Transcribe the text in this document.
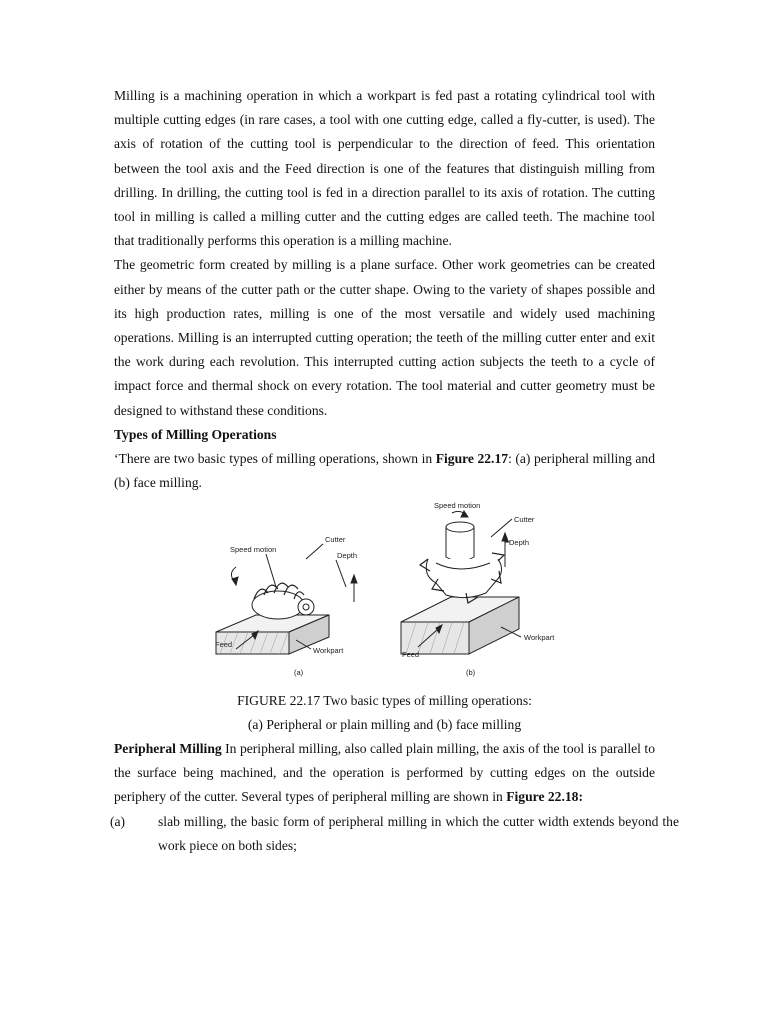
Milling is a machining operation in which a workpart is fed past a rotating cylindrical tool with multiple cutting edges (in rare cases, a tool with one cutting edge, called a fly-cutter, is used). The axis of rotation of the cutting tool is perpendicular to the direction of feed. This orientation between the tool axis and the Feed direction is one of the features that distinguish milling from drilling. In drilling, the cutting tool is fed in a direction parallel to its axis of rotation. The cutting tool in milling is called a milling cutter and the cutting edges are called teeth. The machine tool that traditionally performs this operation is a milling machine.

The geometric form created by milling is a plane surface. Other work geometries can be created either by means of the cutter path or the cutter shape. Owing to the variety of shapes possible and its high production rates, milling is one of the most versatile and widely used machining operations. Milling is an interrupted cutting operation; the teeth of the milling cutter enter and exit the work during each revolution. This interrupted cutting action subjects the teeth to a cycle of impact force and thermal shock on every rotation. The tool material and cutter geometry must be designed to withstand these conditions.

Types of Milling Operations

‘There are two basic types of milling operations, shown in Figure 22.17: (a) peripheral milling and (b) face milling.

Speed motion
Cutter
Depth
Feed
Workpart
(a)
Speed motion
Cutter
Depth
Feed
Workpart
(b)

FIGURE 22.17 Two basic types of milling operations:

(a) Peripheral or plain milling and (b) face milling

Peripheral Milling In peripheral milling, also called plain milling, the axis of the tool is parallel to the surface being machined, and the operation is performed by cutting edges on the outside periphery of the cutter. Several types of peripheral milling are shown in Figure 22.18:

(a) slab milling, the basic form of peripheral milling in which the cutter width extends beyond the work piece on both sides;
